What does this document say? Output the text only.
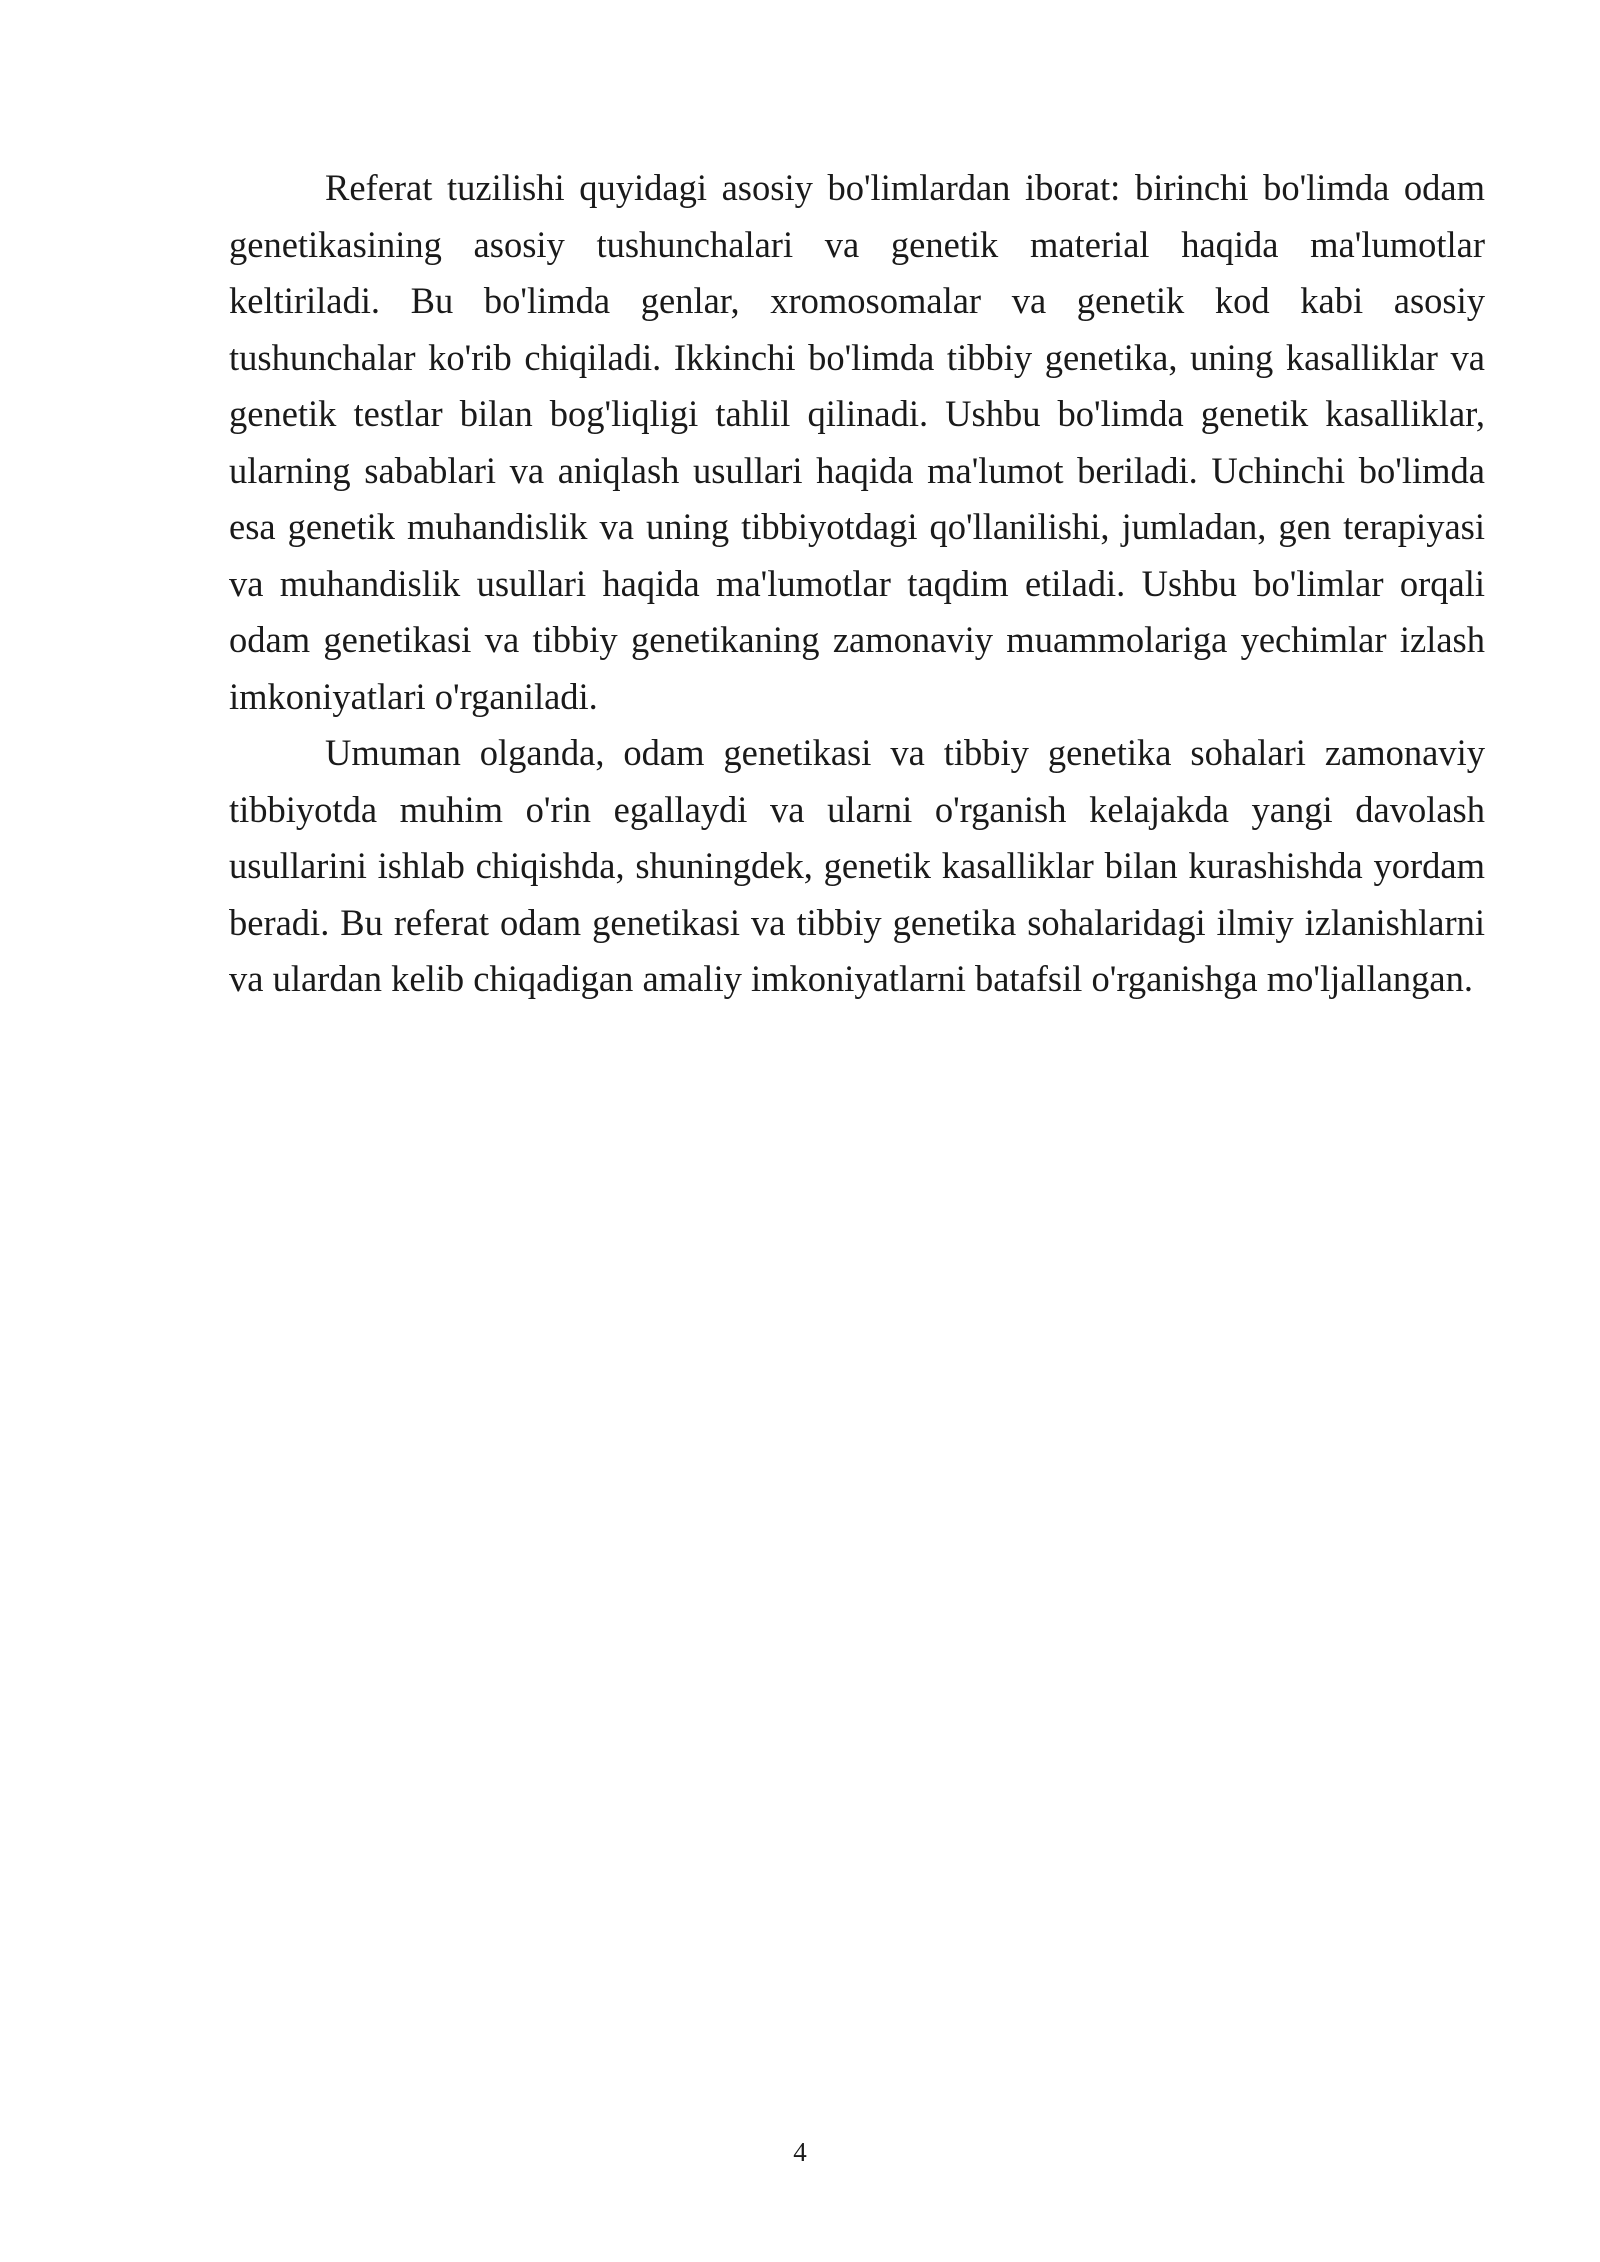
Referat tuzilishi quyidagi asosiy bo'limlardan iborat: birinchi bo'limda odam genetikasining asosiy tushunchalari va genetik material haqida ma'lumotlar keltiriladi. Bu bo'limda genlar, xromosomalar va genetik kod kabi asosiy tushunchalar ko'rib chiqiladi. Ikkinchi bo'limda tibbiy genetika, uning kasalliklar va genetik testlar bilan bog'liqligi tahlil qilinadi. Ushbu bo'limda genetik kasalliklar, ularning sabablari va aniqlash usullari haqida ma'lumot beriladi. Uchinchi bo'limda esa genetik muhandislik va uning tibbiyotdagi qo'llanilishi, jumladan, gen terapiyasi va muhandislik usullari haqida ma'lumotlar taqdim etiladi. Ushbu bo'limlar orqali odam genetikasi va tibbiy genetikaning zamonaviy muammolariga yechimlar izlash imkoniyatlari o'rganiladi.

Umuman olganda, odam genetikasi va tibbiy genetika sohalari zamonaviy tibbiyotda muhim o'rin egallaydi va ularni o'rganish kelajakda yangi davolash usullarini ishlab chiqishda, shuningdek, genetik kasalliklar bilan kurashishda yordam beradi. Bu referat odam genetikasi va tibbiy genetika sohalaridagi ilmiy izlanishlarni va ulardan kelib chiqadigan amaliy imkoniyatlarni batafsil o'rganishga mo'ljallangan.

4
